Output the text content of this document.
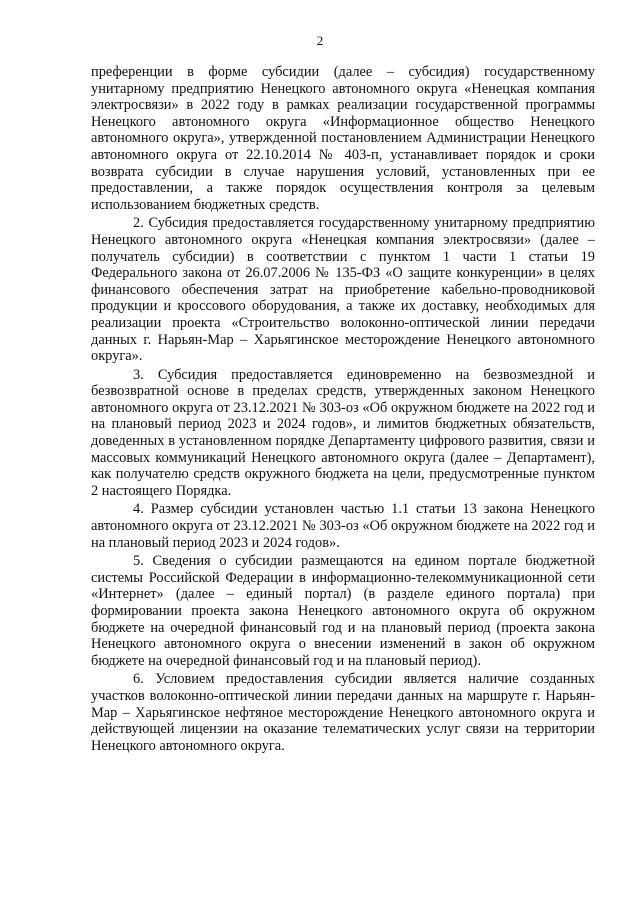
2

преференции в форме субсидии (далее – субсидия) государственному унитарному предприятию Ненецкого автономного округа «Ненецкая компания электросвязи» в 2022 году в рамках реализации государственной программы Ненецкого автономного округа «Информационное общество Ненецкого автономного округа», утвержденной постановлением Администрации Ненецкого автономного округа от 22.10.2014 № 403-п, устанавливает порядок и сроки возврата субсидии в случае нарушения условий, установленных при ее предоставлении, а также порядок осуществления контроля за целевым использованием бюджетных средств.

2. Субсидия предоставляется государственному унитарному предприятию Ненецкого автономного округа «Ненецкая компания электросвязи» (далее – получатель субсидии) в соответствии с пунктом 1 части 1 статьи 19 Федерального закона от 26.07.2006 № 135-ФЗ «О защите конкуренции» в целях финансового обеспечения затрат на приобретение кабельно-проводниковой продукции и кроссового оборудования, а также их доставку, необходимых для реализации проекта «Строительство волоконно-оптической линии передачи данных г. Нарьян-Мар – Харьягинское месторождение Ненецкого автономного округа».

3. Субсидия предоставляется единовременно на безвозмездной и безвозвратной основе в пределах средств, утвержденных законом Ненецкого автономного округа от 23.12.2021 № 303-оз «Об окружном бюджете на 2022 год и на плановый период 2023 и 2024 годов», и лимитов бюджетных обязательств, доведенных в установленном порядке Департаменту цифрового развития, связи и массовых коммуникаций Ненецкого автономного округа (далее – Департамент), как получателю средств окружного бюджета на цели, предусмотренные пунктом 2 настоящего Порядка.

4. Размер субсидии установлен частью 1.1 статьи 13 закона Ненецкого автономного округа от 23.12.2021 № 303-оз «Об окружном бюджете на 2022 год и на плановый период 2023 и 2024 годов».

5. Сведения о субсидии размещаются на едином портале бюджетной системы Российской Федерации в информационно-телекоммуникационной сети «Интернет» (далее – единый портал) (в разделе единого портала) при формировании проекта закона Ненецкого автономного округа об окружном бюджете на очередной финансовый год и на плановый период (проекта закона Ненецкого автономного округа о внесении изменений в закон об окружном бюджете на очередной финансовый год и на плановый период).

6. Условием предоставления субсидии является наличие созданных участков волоконно-оптической линии передачи данных на маршруте г. Нарьян-Мар – Харьягинское нефтяное месторождение Ненецкого автономного округа и действующей лицензии на оказание телематических услуг связи на территории Ненецкого автономного округа.
